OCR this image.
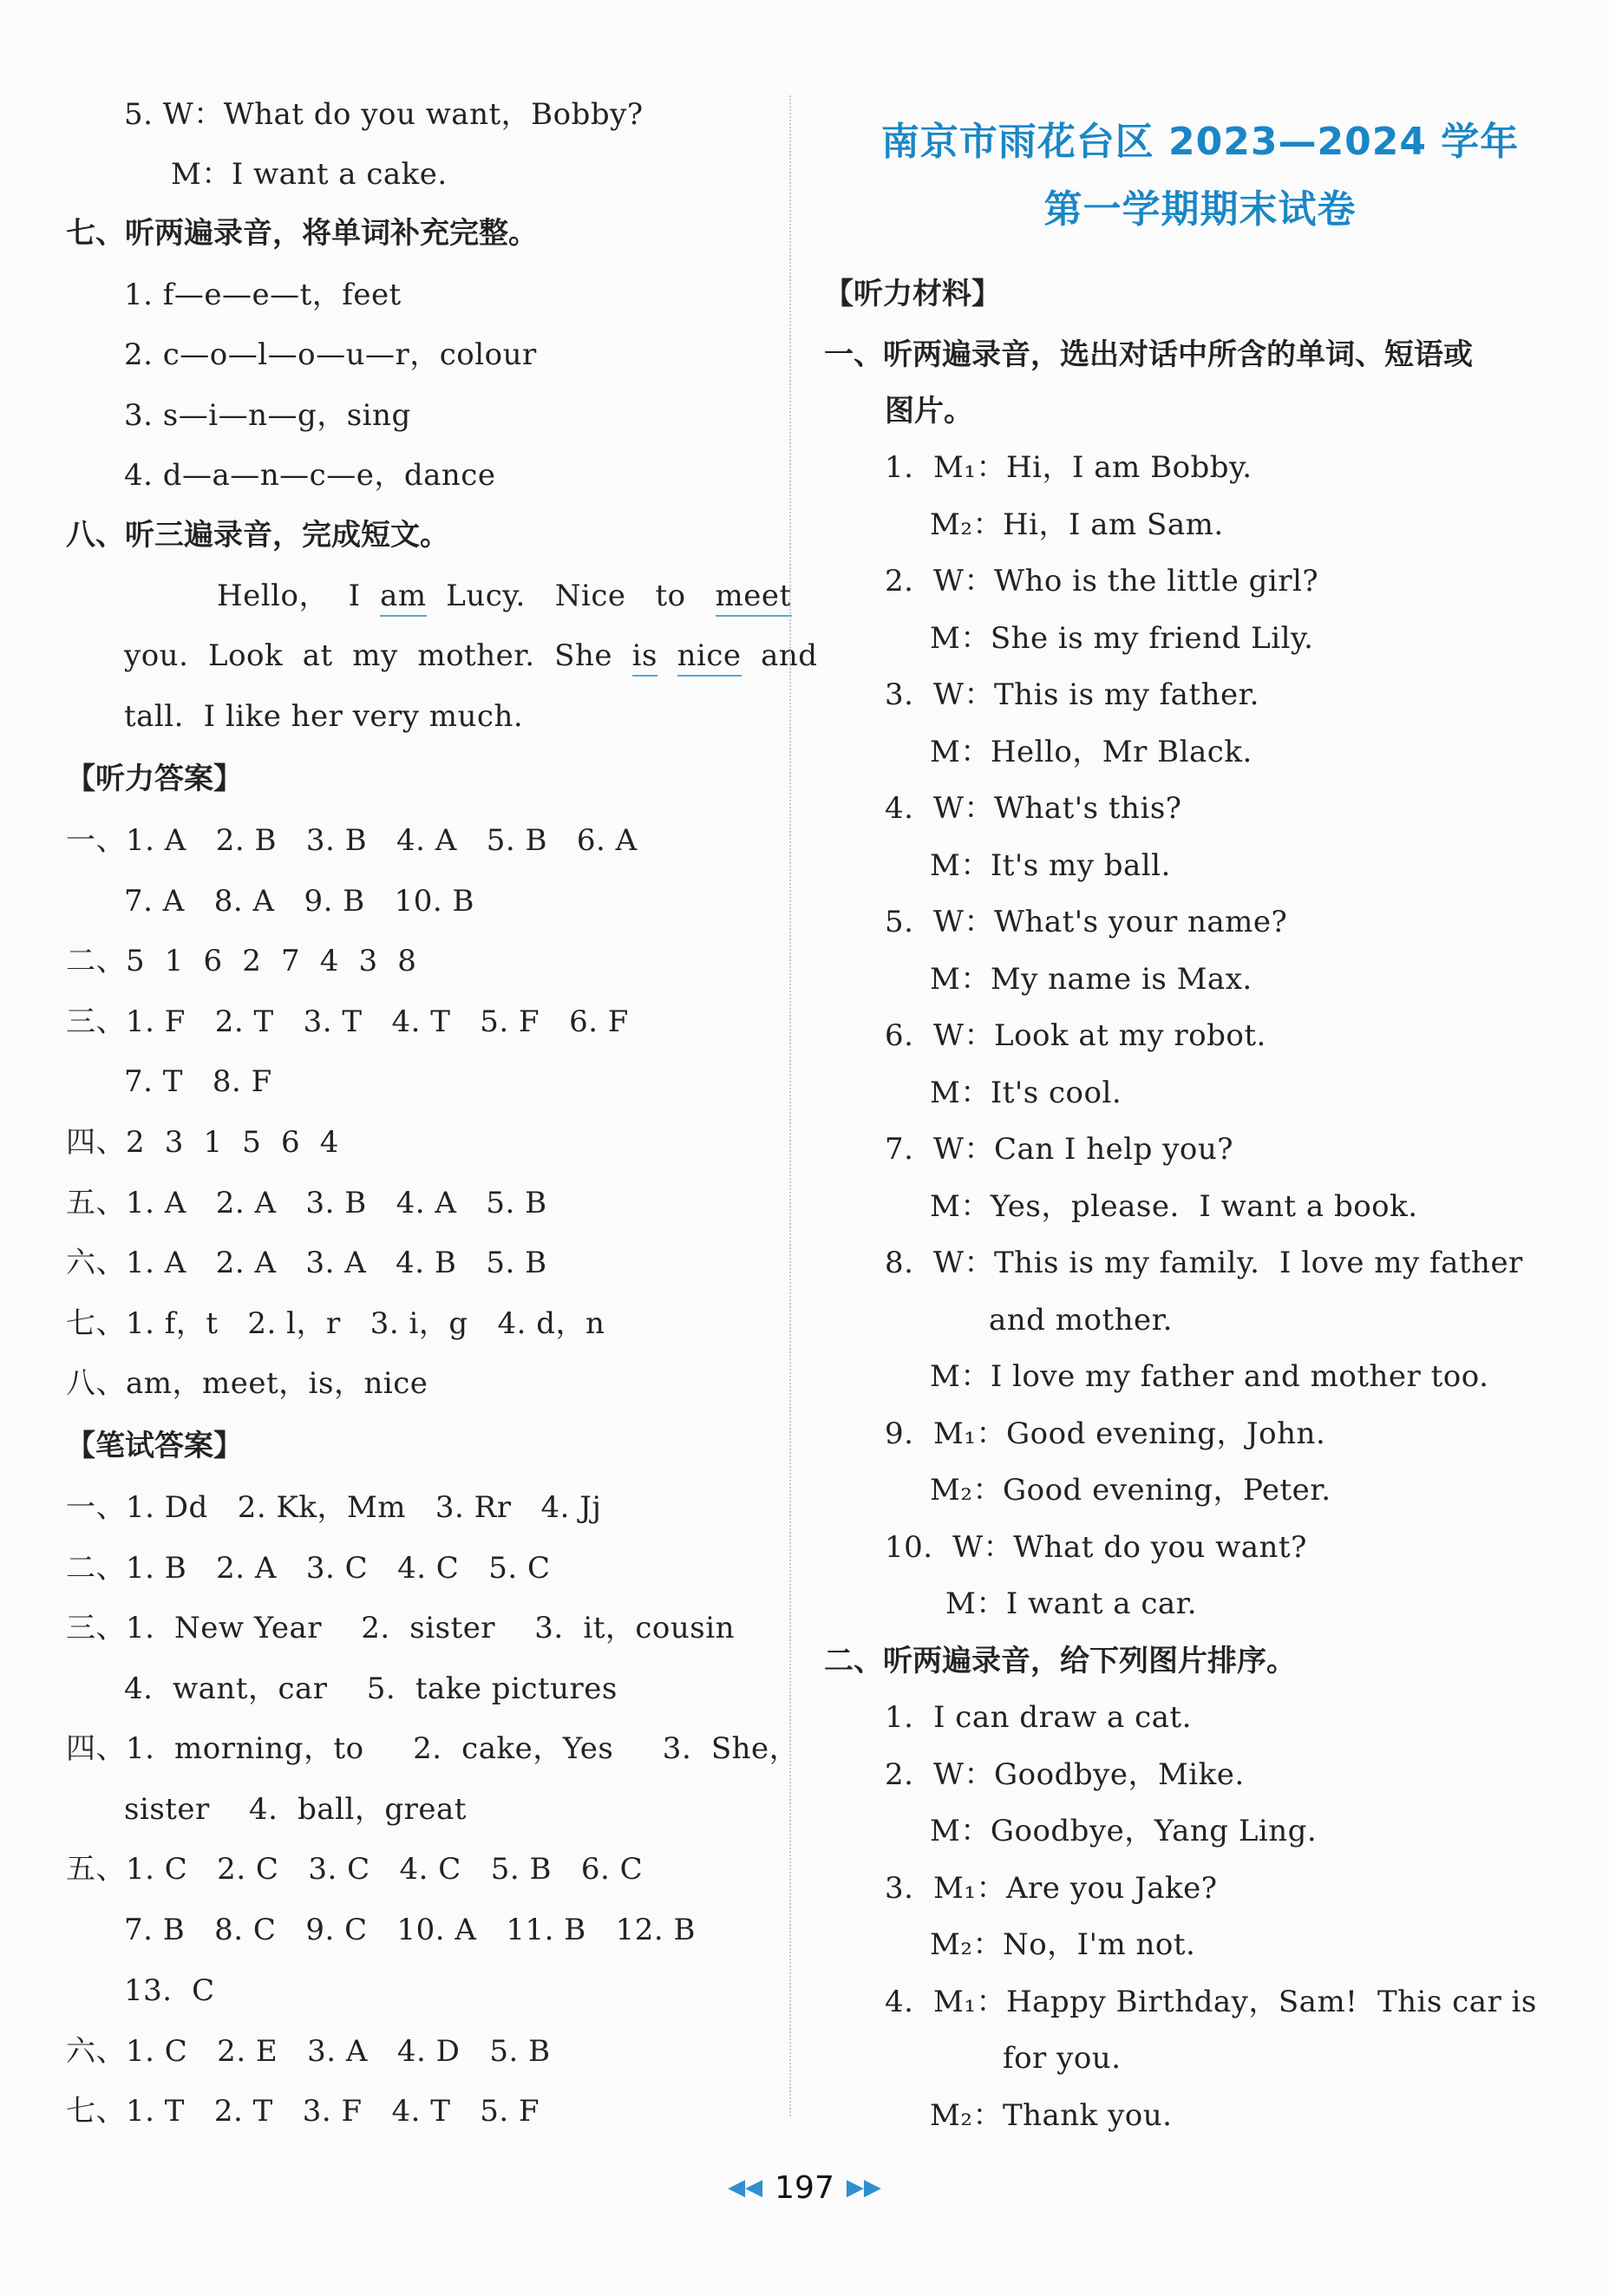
5. W：What do you want，Bobby?
M：I want a cake.
七、听两遍录音，将单词补充完整。
1. f—e—e—t，feet
2. c—o—l—o—u—r，colour
3. s—i—n—g，sing
4. d—a—n—c—e，dance
八、听三遍录音，完成短文。
Hello，  I  am  Lucy.   Nice   to   meet
you.  Look  at  my  mother.  She  is nice  and
tall.  I like her very much.
【听力答案】
一、1. A   2. B   3. B   4. A   5. B   6. A
7. A   8. A   9. B   10. B
二、5  1  6  2  7  4  3  8
三、1. F   2. T   3. T   4. T   5. F   6. F
7. T   8. F
四、2  3  1  5  6  4
五、1. A   2. A   3. B   4. A   5. B
六、1. A   2. A   3. A   4. B   5. B
七、1. f，t   2. l，r   3. i，g   4. d，n
八、am，meet，is，nice
【笔试答案】
一、1. Dd   2. Kk，Mm   3. Rr   4. Jj
二、1. B   2. A   3. C   4. C   5. C
三、1.  New Year    2.  sister    3.  it，cousin
4.  want，car    5.  take pictures
四、1.  morning，to     2.  cake，Yes     3.  She，
sister    4.  ball，great
五、1. C   2. C   3. C   4. C   5. B   6. C
7. B   8. C   9. C   10. A   11. B   12. B
13.  C
六、1. C   2. E   3. A   4. D   5. B
七、1. T   2. T   3. F   4. T   5. F
南京市雨花台区 2023—2024 学年
第一学期期末试卷
【听力材料】
一、听两遍录音，选出对话中所含的单词、短语或
图片。
1.  M₁：Hi，I am Bobby.
M₂：Hi，I am Sam.
2.  W：Who is the little girl?
M：She is my friend Lily.
3.  W：This is my father.
M：Hello，Mr Black.
4.  W：What's this?
M：It's my ball.
5.  W：What's your name?
M：My name is Max.
6.  W：Look at my robot.
M：It's cool.
7.  W：Can I help you?
M：Yes，please.  I want a book.
8.  W：This is my family.  I love my father
and mother.
M：I love my father and mother too.
9.  M₁：Good evening，John.
M₂：Good evening，Peter.
10.  W：What do you want?
M：I want a car.
二、听两遍录音，给下列图片排序。
1.  I can draw a cat.
2.  W：Goodbye，Mike.
M：Goodbye，Yang Ling.
3.  M₁：Are you Jake?
M₂：No，I'm not.
4.  M₁：Happy Birthday，Sam!  This car is
for you.
M₂：Thank you.
◀◀ 197 ▶▶
